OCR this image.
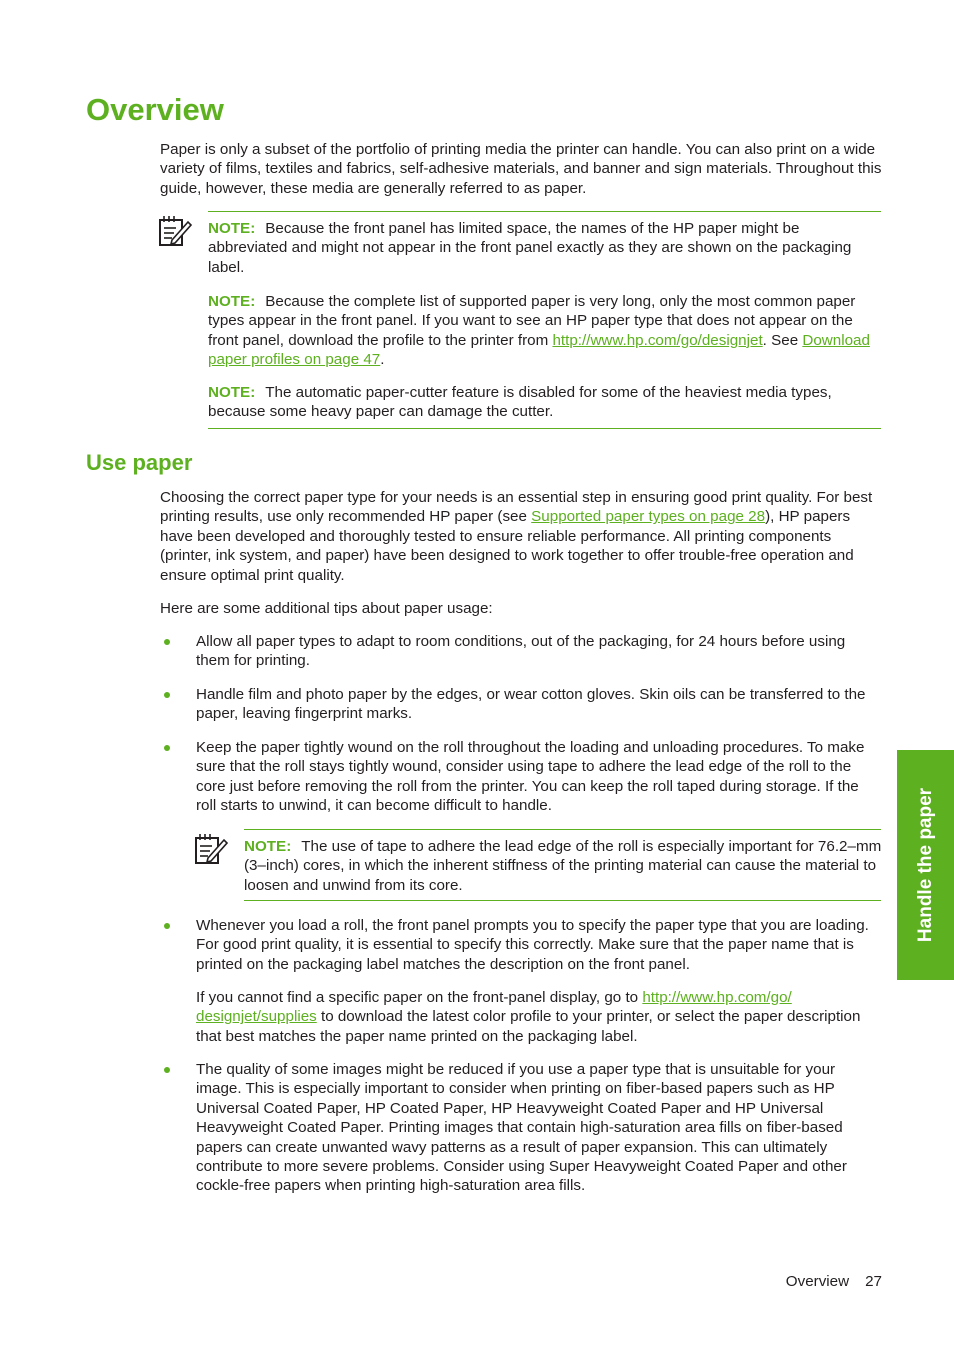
Overview

Paper is only a subset of the portfolio of printing media the printer can handle. You can also print on a wide variety of films, textiles and fabrics, self-adhesive materials, and banner and sign materials. Throughout this guide, however, these media are generally referred to as paper.

NOTE: Because the front panel has limited space, the names of the HP paper might be abbreviated and might not appear in the front panel exactly as they are shown on the packaging label.

NOTE: Because the complete list of supported paper is very long, only the most common paper types appear in the front panel. If you want to see an HP paper type that does not appear on the front panel, download the profile to the printer from http://www.hp.com/go/designjet. See Download paper profiles on page 47.

NOTE: The automatic paper-cutter feature is disabled for some of the heaviest media types, because some heavy paper can damage the cutter.

Use paper

Choosing the correct paper type for your needs is an essential step in ensuring good print quality. For best printing results, use only recommended HP paper (see Supported paper types on page 28), HP papers have been developed and thoroughly tested to ensure reliable performance. All printing components (printer, ink system, and paper) have been designed to work together to offer trouble-free operation and ensure optimal print quality.

Here are some additional tips about paper usage:

Allow all paper types to adapt to room conditions, out of the packaging, for 24 hours before using them for printing.

Handle film and photo paper by the edges, or wear cotton gloves. Skin oils can be transferred to the paper, leaving fingerprint marks.

Keep the paper tightly wound on the roll throughout the loading and unloading procedures. To make sure that the roll stays tightly wound, consider using tape to adhere the lead edge of the roll to the core just before removing the roll from the printer. You can keep the roll taped during storage. If the roll starts to unwind, it can become difficult to handle.

NOTE: The use of tape to adhere the lead edge of the roll is especially important for 76.2–mm (3–inch) cores, in which the inherent stiffness of the printing material can cause the material to loosen and unwind from its core.

Whenever you load a roll, the front panel prompts you to specify the paper type that you are loading. For good print quality, it is essential to specify this correctly. Make sure that the paper name that is printed on the packaging label matches the description on the front panel.

If you cannot find a specific paper on the front-panel display, go to http://www.hp.com/go/
designjet/supplies to download the latest color profile to your printer, or select the paper description that best matches the paper name printed on the packaging label.

The quality of some images might be reduced if you use a paper type that is unsuitable for your image. This is especially important to consider when printing on fiber-based papers such as HP Universal Coated Paper, HP Coated Paper, HP Heavyweight Coated Paper and HP Universal Heavyweight Coated Paper. Printing images that contain high-saturation area fills on fiber-based papers can create unwanted wavy patterns as a result of paper expansion. This can ultimately contribute to more severe problems. Consider using Super Heavyweight Coated Paper and other cockle-free papers when printing high-saturation area fills.

Handle the paper
Overview 27
